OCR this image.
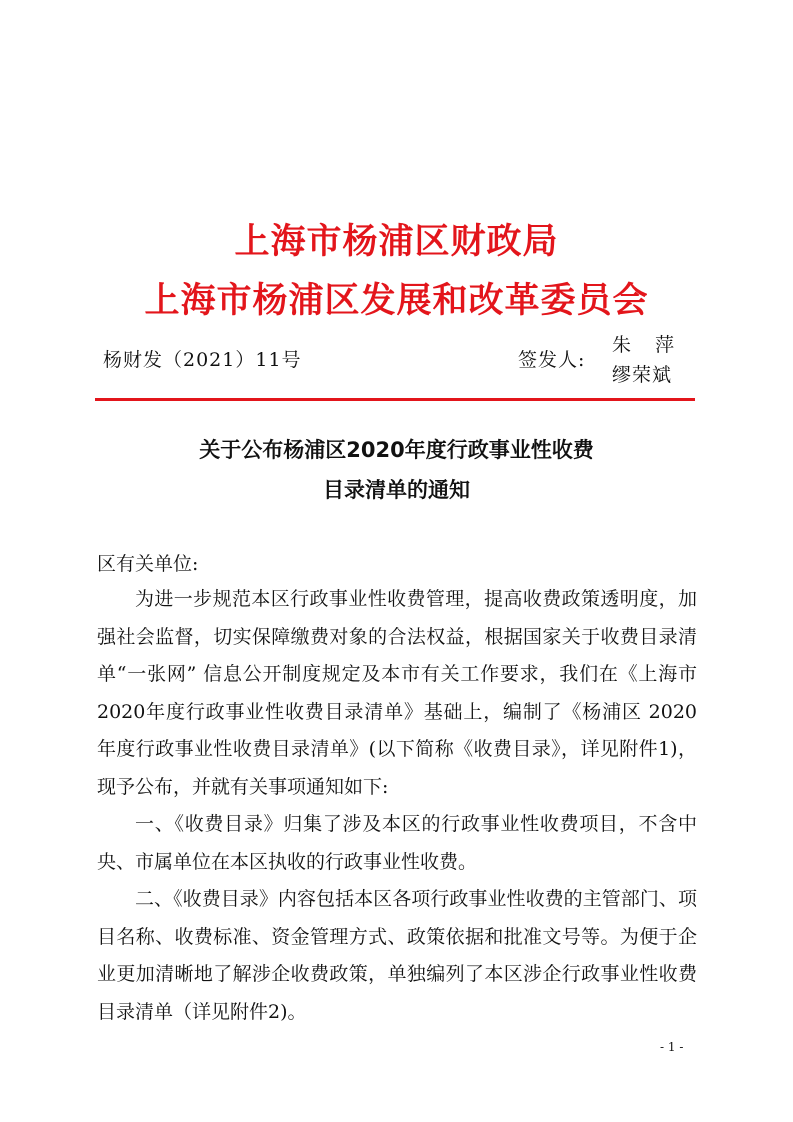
上海市杨浦区财政局
上海市杨浦区发展和改革委员会
杨财发（2021）11号	签发人:
朱萍
缪荣斌
关于公布杨浦区2020年度行政事业性收费
目录清单的通知
区有关单位:
为进一步规范本区行政事业性收费管理，提高收费政策透明度，加强社会监督，切实保障缴费对象的合法权益，根据国家关于收费目录清单“一张网” 信息公开制度规定及本市有关工作要求，我们在《上海市2020年度行政事业性收费目录清单》基础上，编制了《杨浦区 2020 年度行政事业性收费目录清单》(以下简称《收费目录》，详见附件1)，现予公布，并就有关事项通知如下:
一、《收费目录》归集了涉及本区的行政事业性收费项目，不含中央、市属单位在本区执收的行政事业性收费。
二、《收费目录》内容包括本区各项行政事业性收费的主管部门、项目名称、收费标准、资金管理方式、政策依据和批准文号等。为便于企业更加清晰地了解涉企收费政策，单独编列了本区涉企行政事业性收费目录清单（详见附件2)。
- 1 -
